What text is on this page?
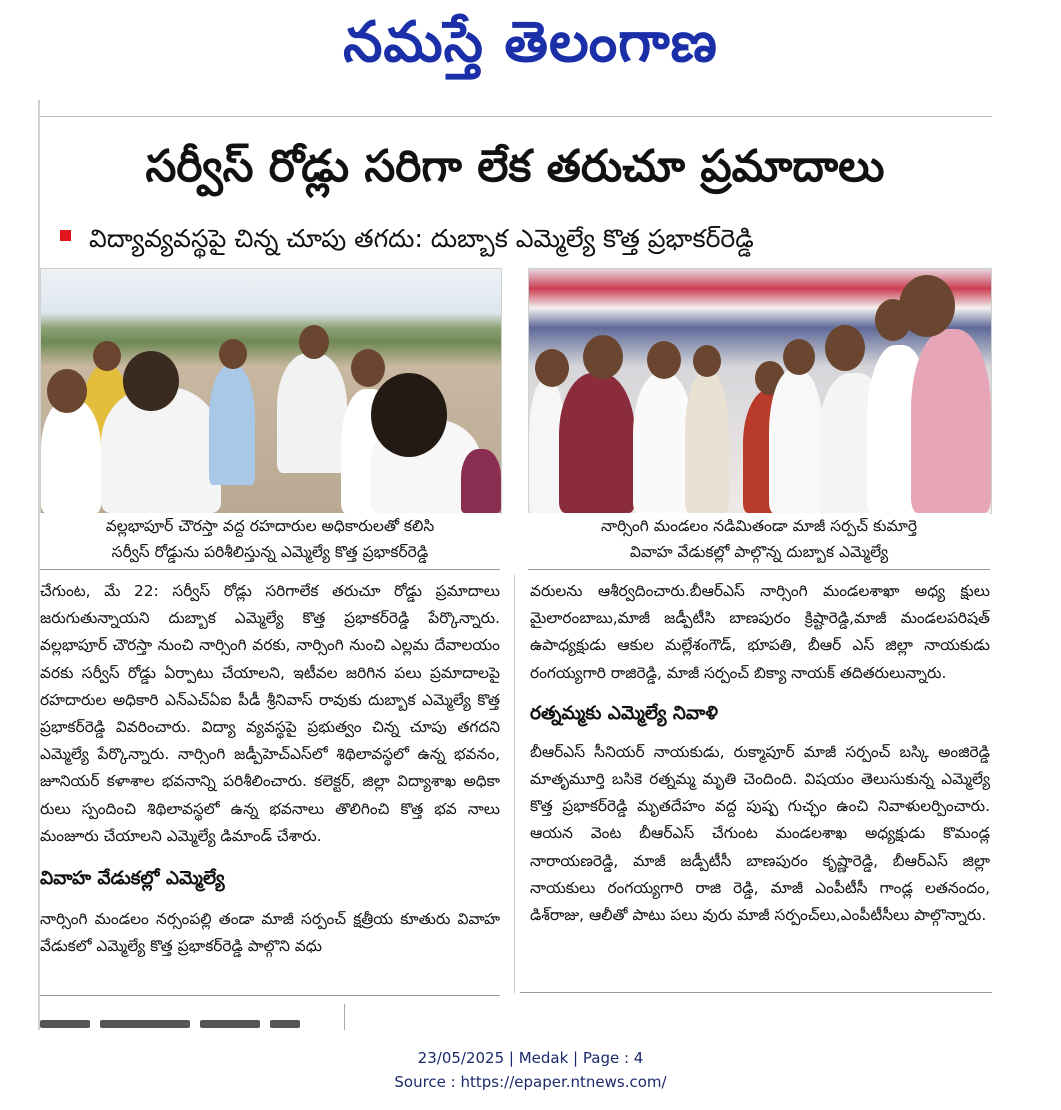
నమస్తే తెలంగాణ
సర్వీస్ రోడ్లు సరిగా లేక తరుచూ ప్రమాదాలు
విద్యావ్యవస్థపై చిన్న చూపు తగదు: దుబ్బాక ఎమ్మెల్యే కొత్త ప్రభాకర్‌రెడ్డి
వల్లభాపూర్ చౌరస్తా వద్ద రహదారుల అధికారులతో కలిసి
సర్వీస్ రోడ్డును పరిశీలిస్తున్న ఎమ్మెల్యే కొత్త ప్రభాకర్‌రెడ్డి
నార్సింగి మండలం నడిమితండా మాజీ సర్పచ్ కుమార్తె
వివాహ వేడుకల్లో పాల్గొన్న దుబ్బాక ఎమ్మెల్యే

చేగుంట, మే 22: సర్వీస్ రోడ్లు సరిగాలేక తరుచూ రోడ్డు ప్రమాదాలు జరుగుతున్నాయని దుబ్బాక ఎమ్మెల్యే కొత్త ప్రభాకర్‌రెడ్డి పేర్కొన్నారు. వల్లభాపూర్ చౌరస్తా నుంచి నార్సింగి వరకు, నార్సింగి నుంచి ఎల్లమ దేవాలయం వరకు సర్వీస్ రోడ్డు ఏర్పాటు చేయాలని, ఇటీవల జరిగిన పలు ప్రమాదాలపై రహదారుల అధికారి ఎన్‌ఎచ్‌ఏఐ పీడీ శ్రీనివాస్ రావుకు దుబ్బాక ఎమ్మెల్యే కొత్త ప్రభాకర్‌రెడ్డి వివరించారు. విద్యా వ్యవస్థపై ప్రభుత్వం చిన్న చూపు తగదని ఎమ్మెల్యే పేర్కొన్నారు. నార్సింగి జడ్పీహెచ్‌ఎస్‌లో శిథిలావస్థలో ఉన్న భవనం, జూనియర్ కళాశాల భవనాన్ని పరిశీలించారు. కలెక్టర్, జిల్లా విద్యాశాఖ అధికా రులు స్పందించి శిథిలావస్థలో ఉన్న భవనాలు తొలిగించి కొత్త భవ నాలు మంజూరు చేయాలని ఎమ్మెల్యే డిమాండ్ చేశారు.

వివాహ వేడుకల్లో ఎమ్మెల్యే

నార్సింగి మండలం నర్సంపల్లి తండా మాజీ సర్పంచ్ క్షత్రీయ కూతురు వివాహ వేడుకలో ఎమ్మెల్యే కొత్త ప్రభాకర్‌రెడ్డి పాల్గొని వధు

వరులను ఆశీర్వదించారు.బీఆర్‌ఎస్ నార్సింగి మండలశాఖా అధ్య క్షులు మైలారంబాబు,మాజీ జడ్పీటీసి బాణపురం క్రిష్టారెడ్డి,మాజీ మండలపరిషత్ ఉపాధ్యక్షుడు ఆకుల మల్లేశంగౌడ్, భూపతి, బీఆర్ ఎస్ జిల్లా నాయకుడు రంగయ్యగారి రాజిరెడ్డి, మాజీ సర్పంచ్ బిక్యా నాయక్ తదితరులున్నారు.

రత్నమ్మకు ఎమ్మెల్యే నివాళి

బీఆర్‌ఎస్ సీనియర్ నాయకుడు, రుక్మాపూర్ మాజీ సర్పంచ్ బస్కి అంజిరెడ్డి మాతృమూర్తి బసికె రత్నమ్మ మృతి చెందింది. విషయం తెలుసుకున్న ఎమ్మెల్యే కొత్త ప్రభాకర్‌రెడ్డి మృతదేహం వద్ద పుష్ప గుచ్ఛం ఉంచి నివాళులర్పించారు. ఆయన వెంట బీఆర్‌ఎస్ చేగుంట మండలశాఖ అధ్యక్షుడు కొమండ్ల నారాయణరెడ్డి, మాజీ జడ్పీటీసీ బాణపురం కృష్ణారెడ్డి, బీఆర్‌ఎస్ జిల్లా నాయకులు రంగయ్యగారి రాజి రెడ్డి, మాజీ ఎంపీటీసీ గాండ్ల లతనందం, డిశ్‌రాజు, ఆలీతో పాటు పలు వురు మాజీ సర్పంచ్‌లు,ఎంపీటీసీలు పాల్గొన్నారు.

23/05/2025 | Medak | Page : 4
Source : https://epaper.ntnews.com/
